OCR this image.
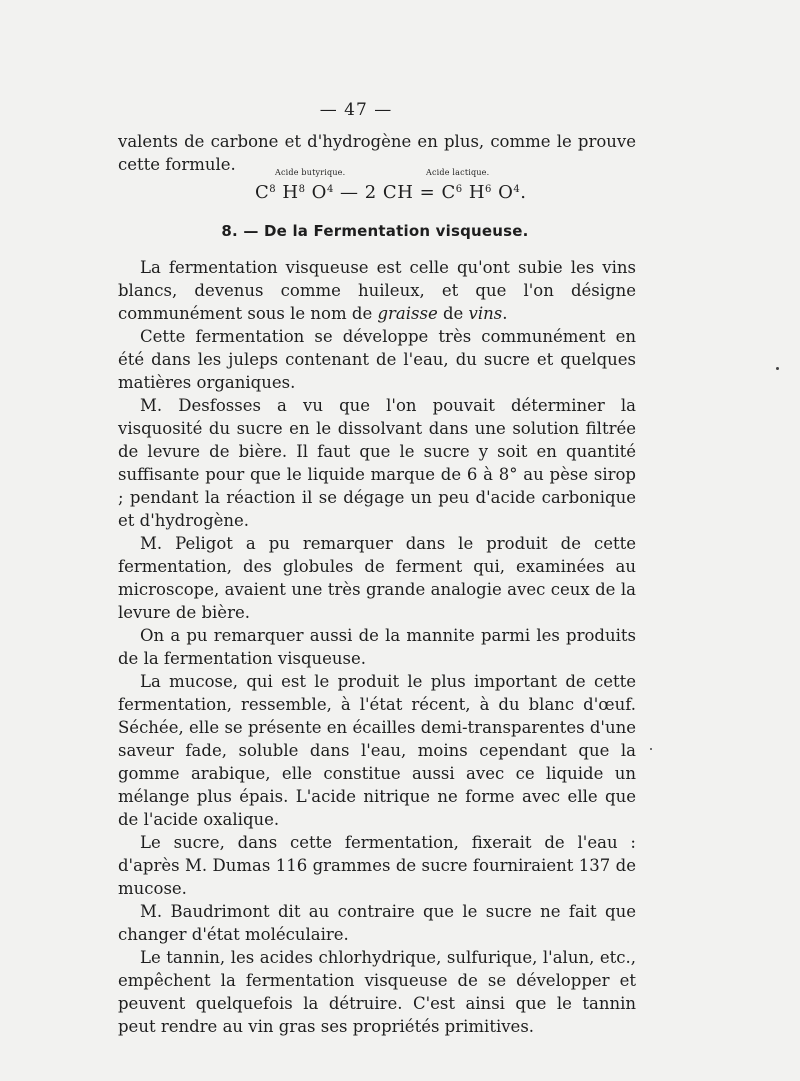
— 47 —
valents de carbone et d'hydrogène en plus, comme le prouve cette formule.	Acide butyrique.	Acide lactique.
$C^8$ $H^8$ $O^4$ — 2 CH = $C^6$ $H^6$ $O^4$.
8. — De la Fermentation visqueuse.

La fermentation visqueuse est celle qu'ont subie les vins blancs, devenus comme huileux, et que l'on désigne communément sous le nom de graisse de vins.

Cette fermentation se développe très communément en été dans les juleps contenant de l'eau, du sucre et quelques matières organiques.

M. Desfosses a vu que l'on pouvait déterminer la visquosité du sucre en le dissolvant dans une solution filtrée de levure de bière. Il faut que le sucre y soit en quantité suffisante pour que le liquide marque de 6 à 8° au pèse sirop ; pendant la réaction il se dégage un peu d'acide carbonique et d'hydrogène.

M. Peligot a pu remarquer dans le produit de cette fermentation, des globules de ferment qui, examinées au microscope, avaient une très grande analogie avec ceux de la levure de bière.

On a pu remarquer aussi de la mannite parmi les produits de la fermentation visqueuse.

La mucose, qui est le produit le plus important de cette fermentation, ressemble, à l'état récent, à du blanc d'œuf. Séchée, elle se présente en écailles demi-transparentes d'une saveur fade, soluble dans l'eau, moins cependant que la gomme arabique, elle constitue aussi avec ce liquide un mélange plus épais. L'acide nitrique ne forme avec elle que de l'acide oxalique.

Le sucre, dans cette fermentation, fixerait de l'eau : d'après M. Dumas 116 grammes de sucre fourniraient 137 de mucose.

M. Baudrimont dit au contraire que le sucre ne fait que changer d'état moléculaire.

Le tannin, les acides chlorhydrique, sulfurique, l'alun, etc., empêchent la fermentation visqueuse de se développer et peuvent quelquefois la détruire. C'est ainsi que le tannin peut rendre au vin gras ses propriétés primitives.
